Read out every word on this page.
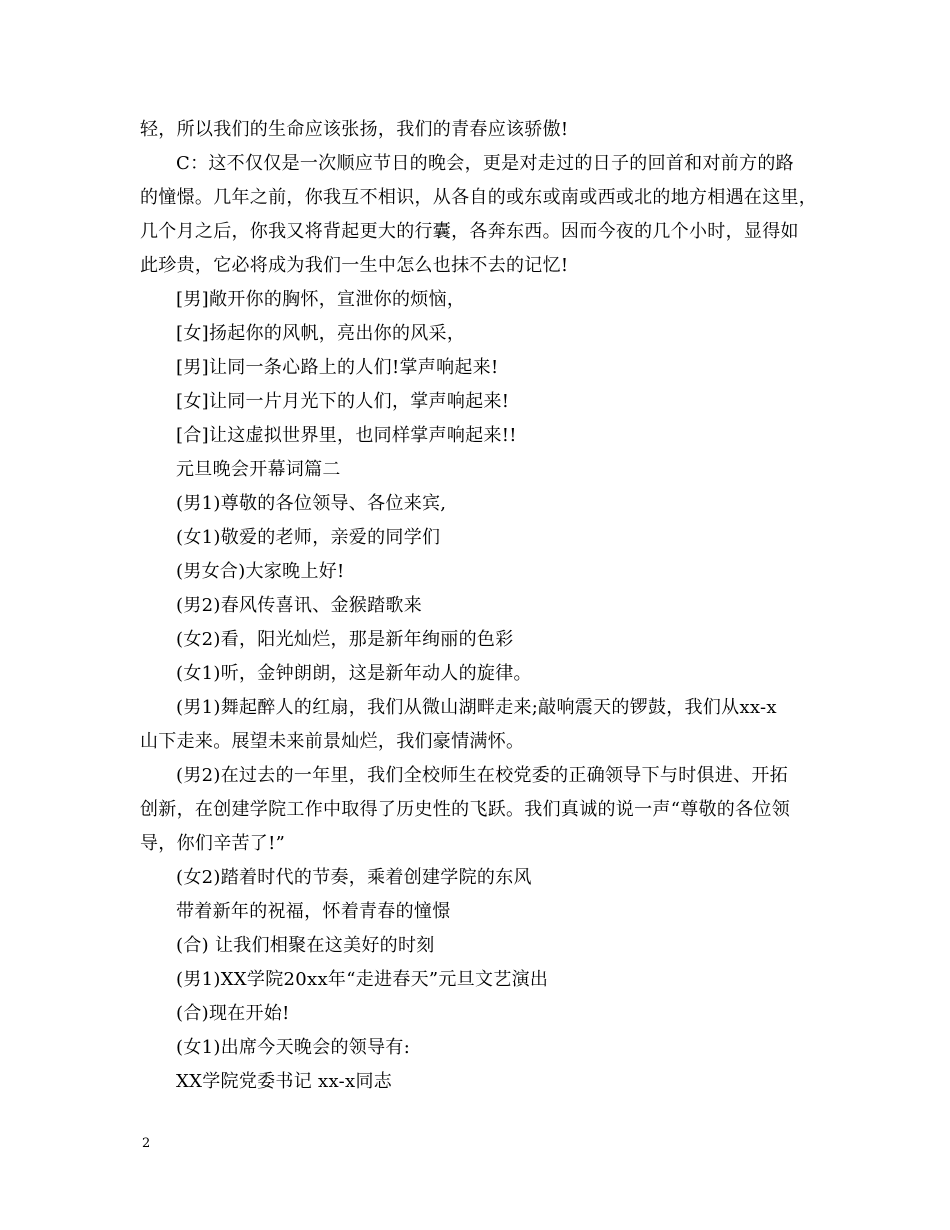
轻，所以我们的生命应该张扬，我们的青春应该骄傲!

C：这不仅仅是一次顺应节日的晚会，更是对走过的日子的回首和对前方的路

的憧憬。几年之前，你我互不相识，从各自的或东或南或西或北的地方相遇在这里，

几个月之后，你我又将背起更大的行囊，各奔东西。因而今夜的几个小时，显得如

此珍贵，它必将成为我们一生中怎么也抹不去的记忆!

[男]敞开你的胸怀，宣泄你的烦恼，

[女]扬起你的风帆，亮出你的风采，

[男]让同一条心路上的人们!掌声响起来!

[女]让同一片月光下的人们，掌声响起来!

[合]让这虚拟世界里，也同样掌声响起来!!

元旦晚会开幕词篇二

(男1)尊敬的各位领导、各位来宾,

(女1)敬爱的老师，亲爱的同学们

(男女合)大家晚上好!

(男2)春风传喜讯、金猴踏歌来

(女2)看，阳光灿烂，那是新年绚丽的色彩

(女1)听，金钟朗朗，这是新年动人的旋律。

(男1)舞起醉人的红扇，我们从微山湖畔走来;敲响震天的锣鼓，我们从xx-x

山下走来。展望未来前景灿烂，我们豪情满怀。

(男2)在过去的一年里，我们全校师生在校党委的正确领导下与时俱进、开拓

创新，在创建学院工作中取得了历史性的飞跃。我们真诚的说一声“尊敬的各位领

导，你们辛苦了!”

(女2)踏着时代的节奏，乘着创建学院的东风

带着新年的祝福，怀着青春的憧憬

(合) 让我们相聚在这美好的时刻

(男1)XX学院20xx年“走进春天”元旦文艺演出

(合)现在开始!

(女1)出席今天晚会的领导有:

XX学院党委书记 xx-x同志

2
